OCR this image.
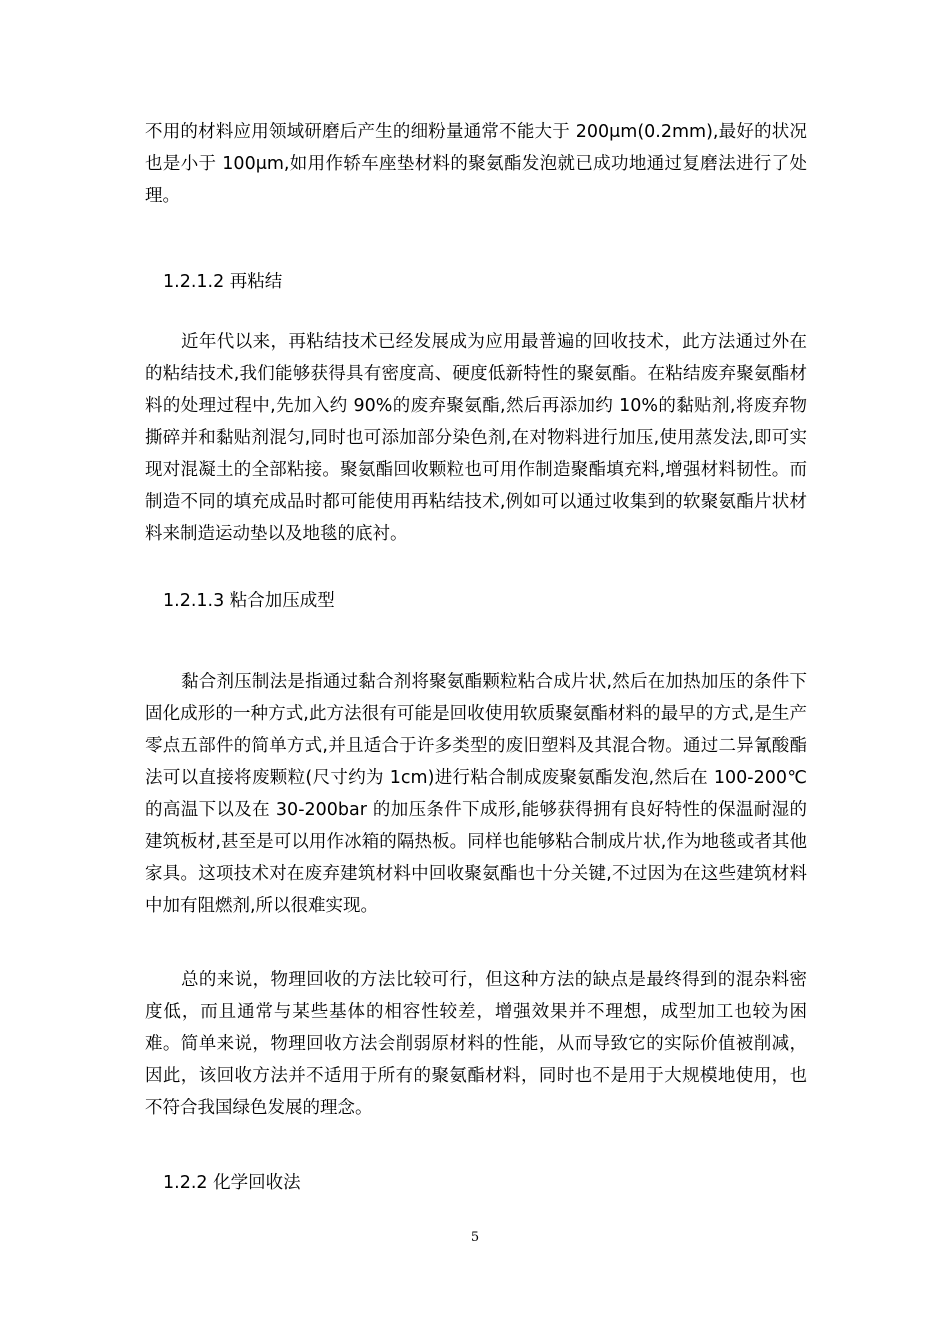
不用的材料应用领域研磨后产生的细粉量通常不能大于 200μm(0.2mm),最好的状况也是小于 100μm,如用作轿车座垫材料的聚氨酯发泡就已成功地通过复磨法进行了处理。

1.2.1.2 再粘结

近年代以来，再粘结技术已经发展成为应用最普遍的回收技术，此方法通过外在的粘结技术,我们能够获得具有密度高、硬度低新特性的聚氨酯。在粘结废弃聚氨酯材料的处理过程中,先加入约 90%的废弃聚氨酯,然后再添加约 10%的黏贴剂,将废弃物撕碎并和黏贴剂混匀,同时也可添加部分染色剂,在对物料进行加压,使用蒸发法,即可实现对混凝土的全部粘接。聚氨酯回收颗粒也可用作制造聚酯填充料,增强材料韧性。而制造不同的填充成品时都可能使用再粘结技术,例如可以通过收集到的软聚氨酯片状材料来制造运动垫以及地毯的底衬。

1.2.1.3 粘合加压成型

黏合剂压制法是指通过黏合剂将聚氨酯颗粒粘合成片状,然后在加热加压的条件下固化成形的一种方式,此方法很有可能是回收使用软质聚氨酯材料的最早的方式,是生产零点五部件的简单方式,并且适合于许多类型的废旧塑料及其混合物。通过二异氰酸酯法可以直接将废颗粒(尺寸约为 1cm)进行粘合制成废聚氨酯发泡,然后在 100-200℃的高温下以及在 30-200bar 的加压条件下成形,能够获得拥有良好特性的保温耐湿的建筑板材,甚至是可以用作冰箱的隔热板。同样也能够粘合制成片状,作为地毯或者其他家具。这项技术对在废弃建筑材料中回收聚氨酯也十分关键,不过因为在这些建筑材料中加有阻燃剂,所以很难实现。

总的来说，物理回收的方法比较可行，但这种方法的缺点是最终得到的混杂料密度低，而且通常与某些基体的相容性较差，增强效果并不理想，成型加工也较为困难。简单来说，物理回收方法会削弱原材料的性能，从而导致它的实际价值被削减，因此，该回收方法并不适用于所有的聚氨酯材料，同时也不是用于大规模地使用，也不符合我国绿色发展的理念。

1.2.2 化学回收法

5
